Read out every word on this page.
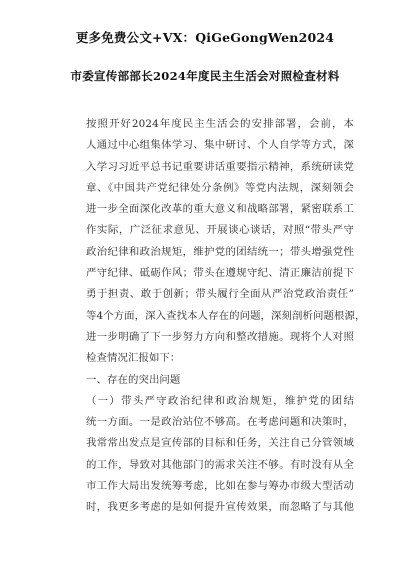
更多免费公文+VX：QiGeGongWen2024
市委宣传部部长2024年度民主生活会对照检查材料
按照开好2024年度民主生活会的安排部署，会前，本
人通过中心组集体学习、集中研讨、个人自学等方式，深
入学习习近平总书记重要讲话重要指示精神，系统研读党
章、《中国共产党纪律处分条例》等党内法规，深刻领会
进一步全面深化改革的重大意义和战略部署，紧密联系工
作实际，广泛征求意见、开展谈心谈话，对照“带头严守
政治纪律和政治规矩，维护党的团结统一；带头增强党性
严守纪律、砥砺作风；带头在遵规守纪、清正廉洁前提下
勇于担责、敢于创新；带头履行全面从严治党政治责任”
等4个方面，深入查找本人存在的问题，深刻剖析问题根源，
进一步明确了下一步努力方向和整改措施。现将个人对照
检查情况汇报如下：
一、存在的突出问题
（一）带头严守政治纪律和政治规矩，维护党的团结
统一方面。一是政治站位不够高。在考虑问题和决策时，
我常常出发点是宣传部的目标和任务，关注自己分管领域
的工作，导致对其他部门的需求关注不够。有时没有从全
市工作大局出发统筹考虑，比如在参与筹办市级大型活动
时，我更多考虑的是如何提升宣传效果，而忽略了与其他
